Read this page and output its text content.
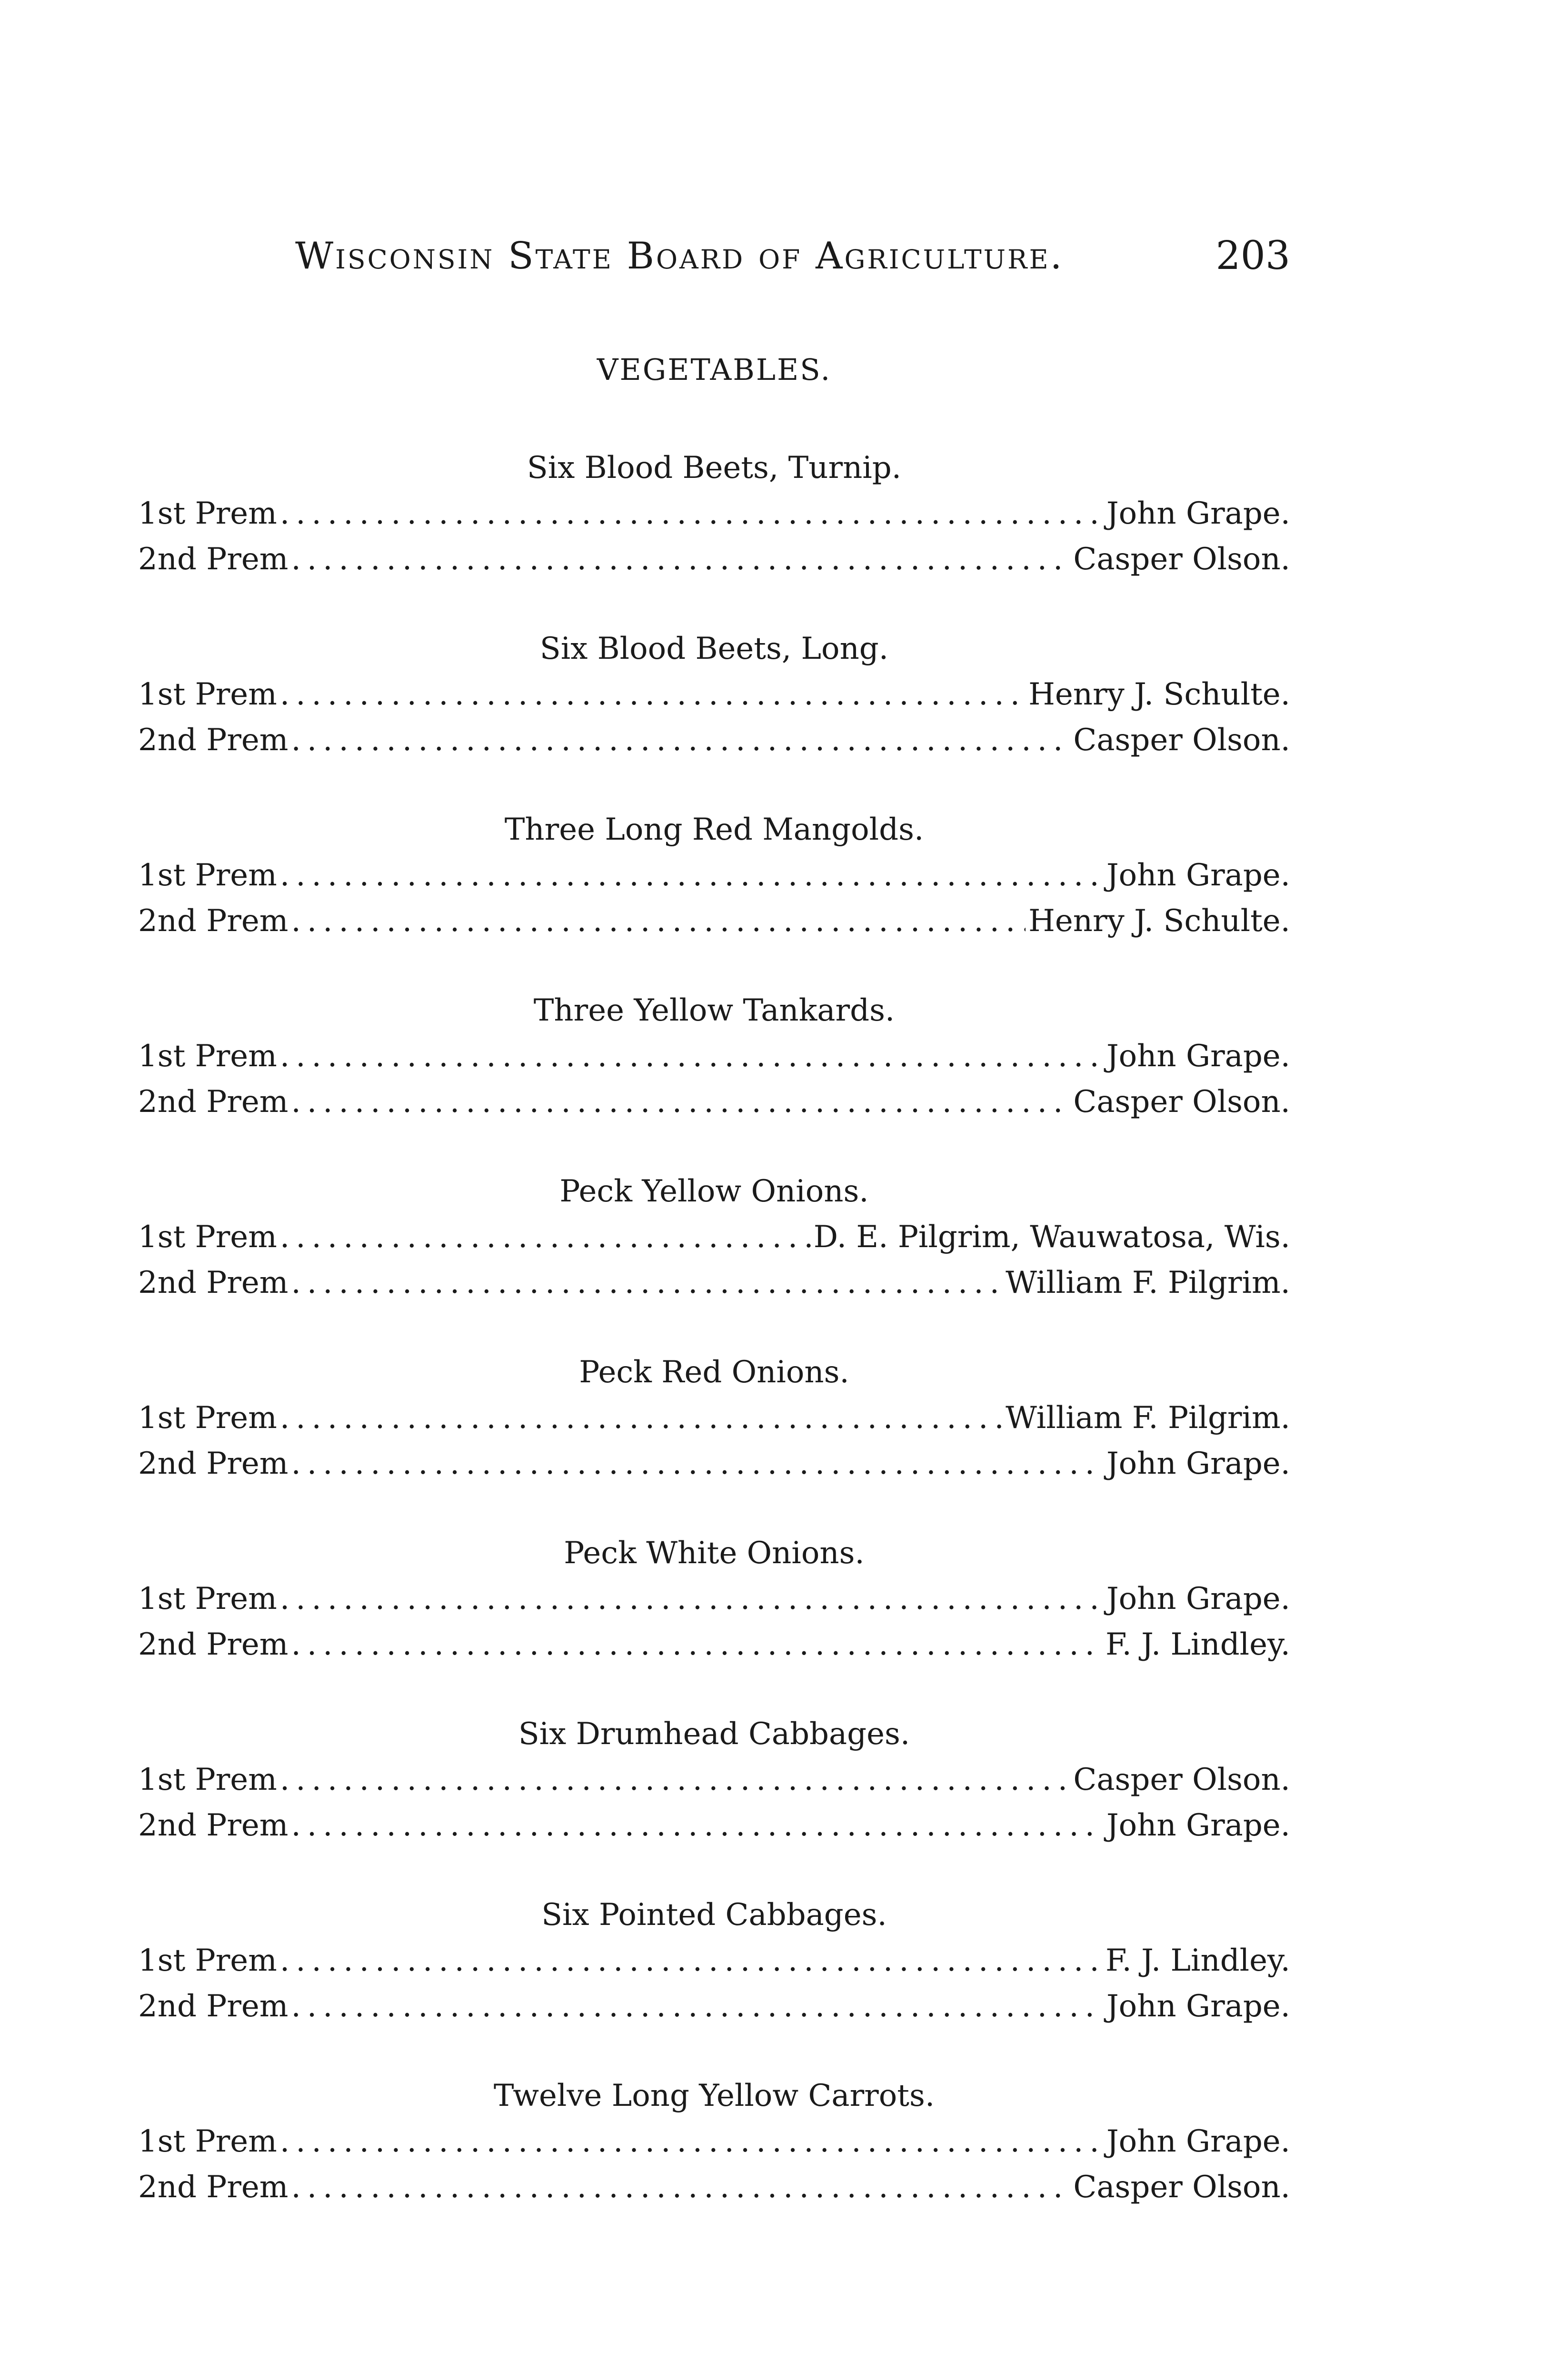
Wisconsin State Board of Agriculture.	203
VEGETABLES.
Six Blood Beets, Turnip.
1st Prem .....	John Grape.
2nd Prem .....	Casper Olson.
Six Blood Beets, Long.
1st Prem .....	Henry J. Schulte.
2nd Prem .....	Casper Olson.
Three Long Red Mangolds.
1st Prem .....	John Grape.
2nd Prem .....	Henry J. Schulte.
Three Yellow Tankards.
1st Prem .....	John Grape.
2nd Prem .....	Casper Olson.
Peck Yellow Onions.
1st Prem .....	D. E. Pilgrim, Wauwatosa, Wis.
2nd Prem .....	William F. Pilgrim.
Peck Red Onions.
1st Prem .....	William F. Pilgrim.
2nd Prem .....	John Grape.
Peck White Onions.
1st Prem .....	John Grape.
2nd Prem .....	F. J. Lindley.
Six Drumhead Cabbages.
1st Prem .....	Casper Olson.
2nd Prem .....	John Grape.
Six Pointed Cabbages.
1st Prem .....	F. J. Lindley.
2nd Prem .....	John Grape.
Twelve Long Yellow Carrots.
1st Prem .....	John Grape.
2nd Prem .....	Casper Olson.
